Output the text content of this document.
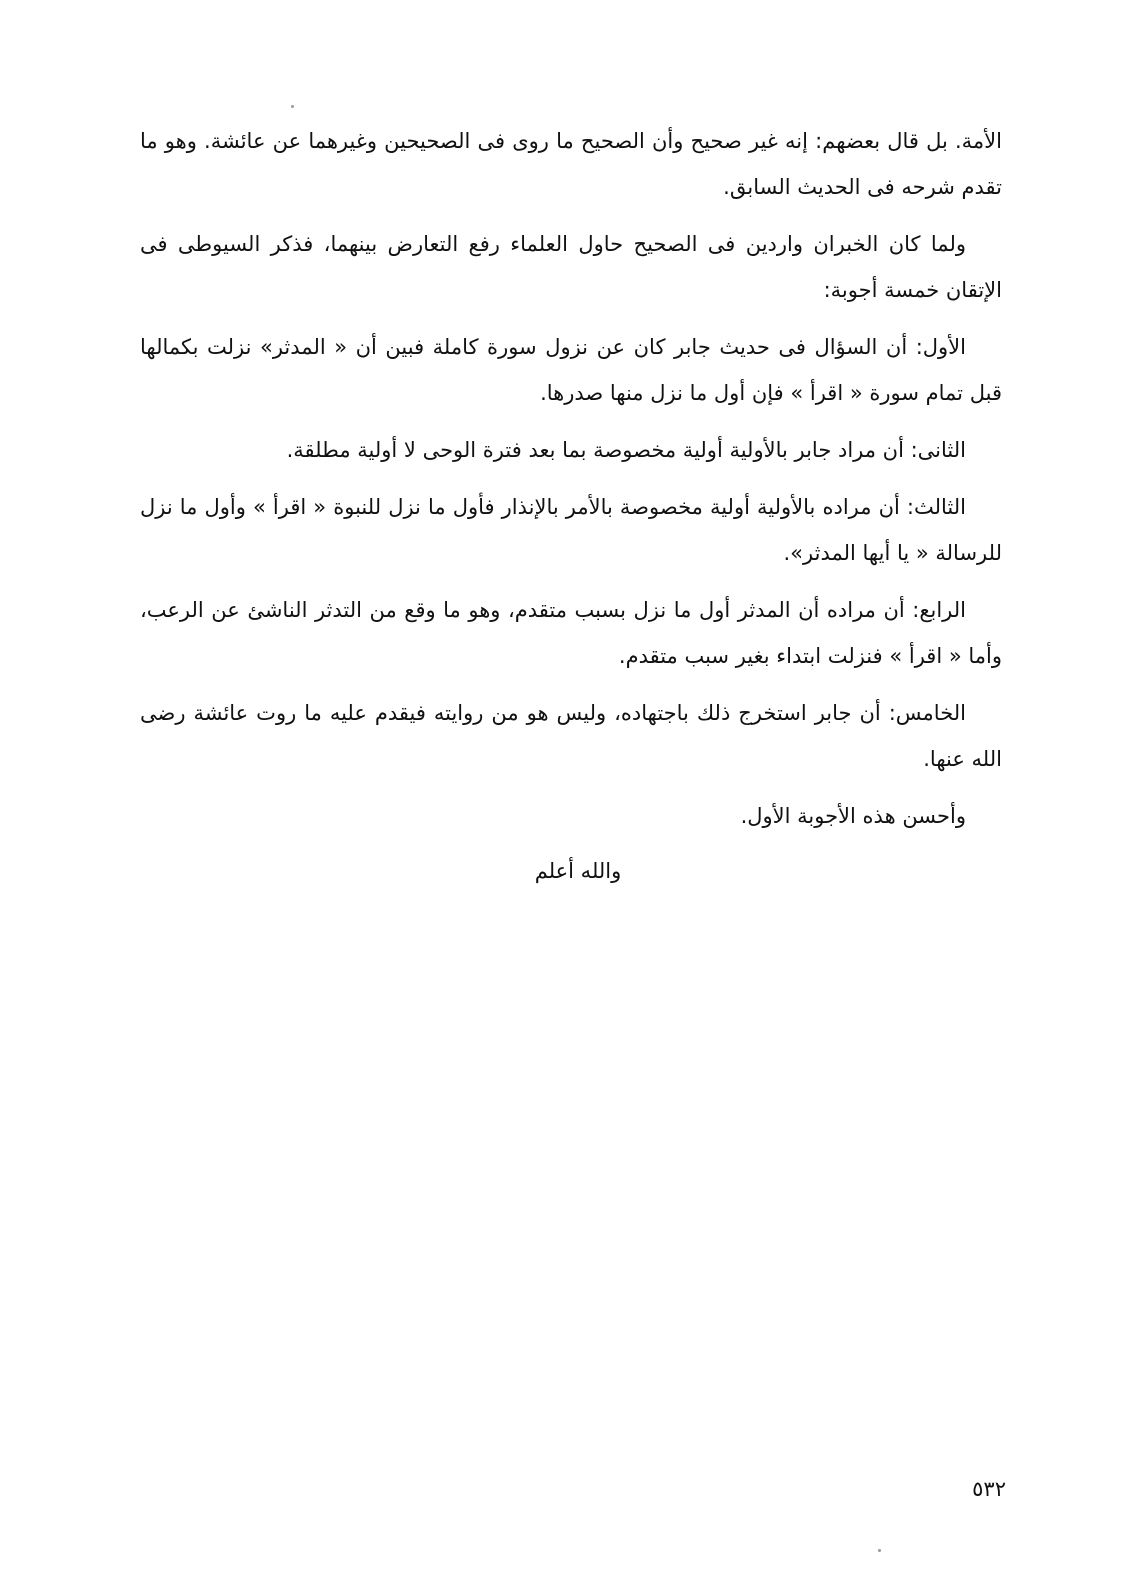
الأمة. بل قال بعضهم: إنه غير صحيح وأن الصحيح ما روى فى الصحيحين وغيرهما عن عائشة. وهو ما تقدم شرحه فى الحديث السابق.

ولما كان الخبران واردين فى الصحيح حاول العلماء رفع التعارض بينهما، فذكر السيوطى فى الإتقان خمسة أجوبة:

الأول: أن السؤال فى حديث جابر كان عن نزول سورة كاملة فبين أن « المدثر» نزلت بكمالها قبل تمام سورة « اقرأ » فإن أول ما نزل منها صدرها.

الثانى: أن مراد جابر بالأولية أولية مخصوصة بما بعد فترة الوحى لا أولية مطلقة.

الثالث: أن مراده بالأولية أولية مخصوصة بالأمر بالإنذار فأول ما نزل للنبوة « اقرأ » وأول ما نزل للرسالة « يا أيها المدثر».

الرابع: أن مراده أن المدثر أول ما نزل بسبب متقدم، وهو ما وقع من التدثر الناشئ عن الرعب، وأما « اقرأ » فنزلت ابتداء بغير سبب متقدم.

الخامس: أن جابر استخرج ذلك باجتهاده، وليس هو من روايته فيقدم عليه ما روت عائشة رضى الله عنها.

وأحسن هذه الأجوبة الأول.

والله أعلم
٥٣٢
